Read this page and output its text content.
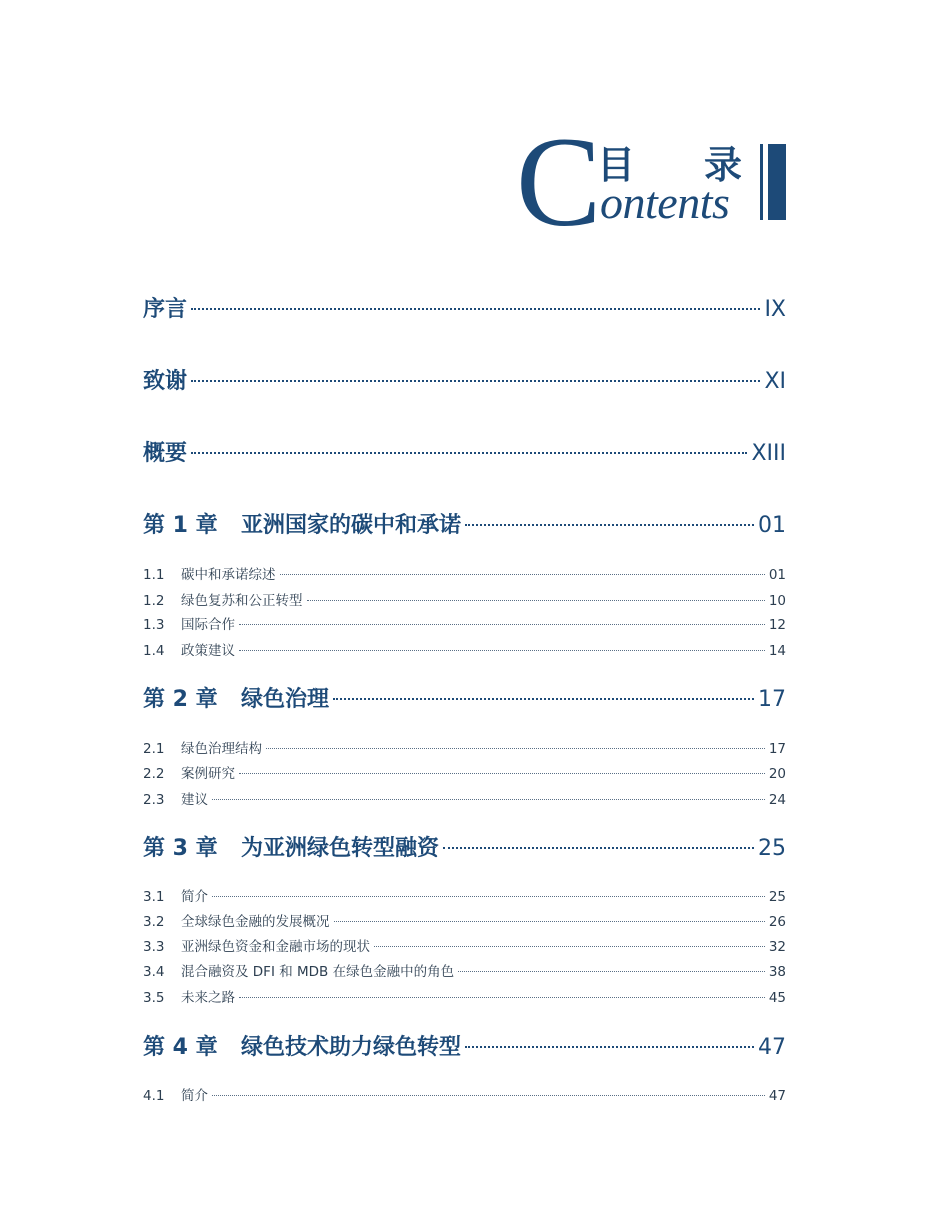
C
目 录
ontents
序言	IX
致谢	XI
概要	XIII
第 1 章	亚洲国家的碳中和承诺	01
1.1	碳中和承诺综述	01
1.2	绿色复苏和公正转型	10
1.3	国际合作	12
1.4	政策建议	14
第 2 章	绿色治理	17
2.1	绿色治理结构	17
2.2	案例研究	20
2.3	建议	24
第 3 章	为亚洲绿色转型融资	25
3.1	简介	25
3.2	全球绿色金融的发展概况	26
3.3	亚洲绿色资金和金融市场的现状	32
3.4	混合融资及 DFI 和 MDB 在绿色金融中的角色	38
3.5	未来之路	45
第 4 章	绿色技术助力绿色转型	47
4.1	简介	47
